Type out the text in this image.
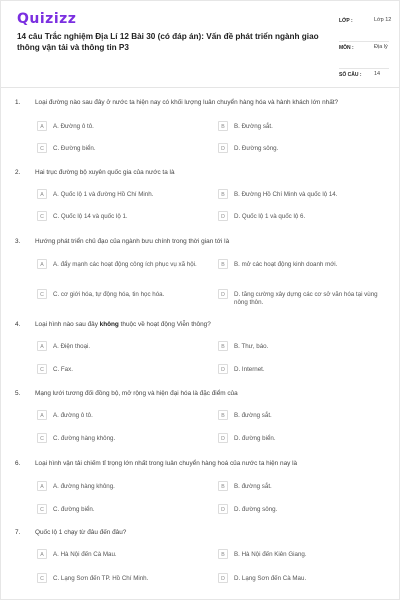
Quizizz
14 câu Trắc nghiệm Địa Lí 12 Bài 30 (có đáp án): Vấn đề phát triển ngành giao thông vận tải và thông tin P3
LỚP :	Lớp 12
MÔN :	Địa lý
SỐ CÂU : 14
1. Loại đường nào sau đây ở nước ta hiện nay có khối lượng luân chuyển hàng hóa và hành khách lớn nhất?
A	A. Đường ô tô.	B	B. Đường sắt.
C	C. Đường biển.	D	D. Đường sông.
2. Hai trục đường bộ xuyên quốc gia của nước ta là
A	A. Quốc lộ 1 và đường Hồ Chí Minh.	B	B. Đường Hồ Chí Minh và quốc lộ 14.
C	C. Quốc lộ 14 và quốc lộ 1.	D	D. Quốc lộ 1 và quốc lộ 6.
3. Hướng phát triển chủ đạo của ngành bưu chính trong thời gian tới là
A	A. đẩy mạnh các hoạt động công ích phục vụ xã hội.	B	B. mở các hoạt động kinh doanh mới.
C	C. cơ giới hóa, tự động hóa, tin học hóa.	D	D. tăng cường xây dựng các cơ sở văn hóa tại vùng nông thôn.
4. Loại hình nào sau đây không thuộc về hoạt động Viễn thông?
A	A. Điện thoại.	B	B. Thư, báo.
C	C. Fax.	D	D. Internet.
5. Mạng lưới tương đối đồng bộ, mở rộng và hiện đại hóa là đặc điểm của
A	A. đường ô tô.	B	B. đường sắt.
C	C. đường hàng không.	D	D. đường biển.
6. Loại hình vận tải chiếm tỉ trọng lớn nhất trong luân chuyển hàng hoá của nước ta hiện nay là
A	A. đường hàng không.	B	B. đường sắt.
C	C. đường biển.	D	D. đường sông.
7. Quốc lộ 1 chạy từ đâu đến đâu?
A	A. Hà Nội đến Cà Mau.	B	B. Hà Nội đến Kiên Giang.
C	C. Lạng Sơn đến TP. Hồ Chí Minh.	D	D. Lạng Sơn đến Cà Mau.
